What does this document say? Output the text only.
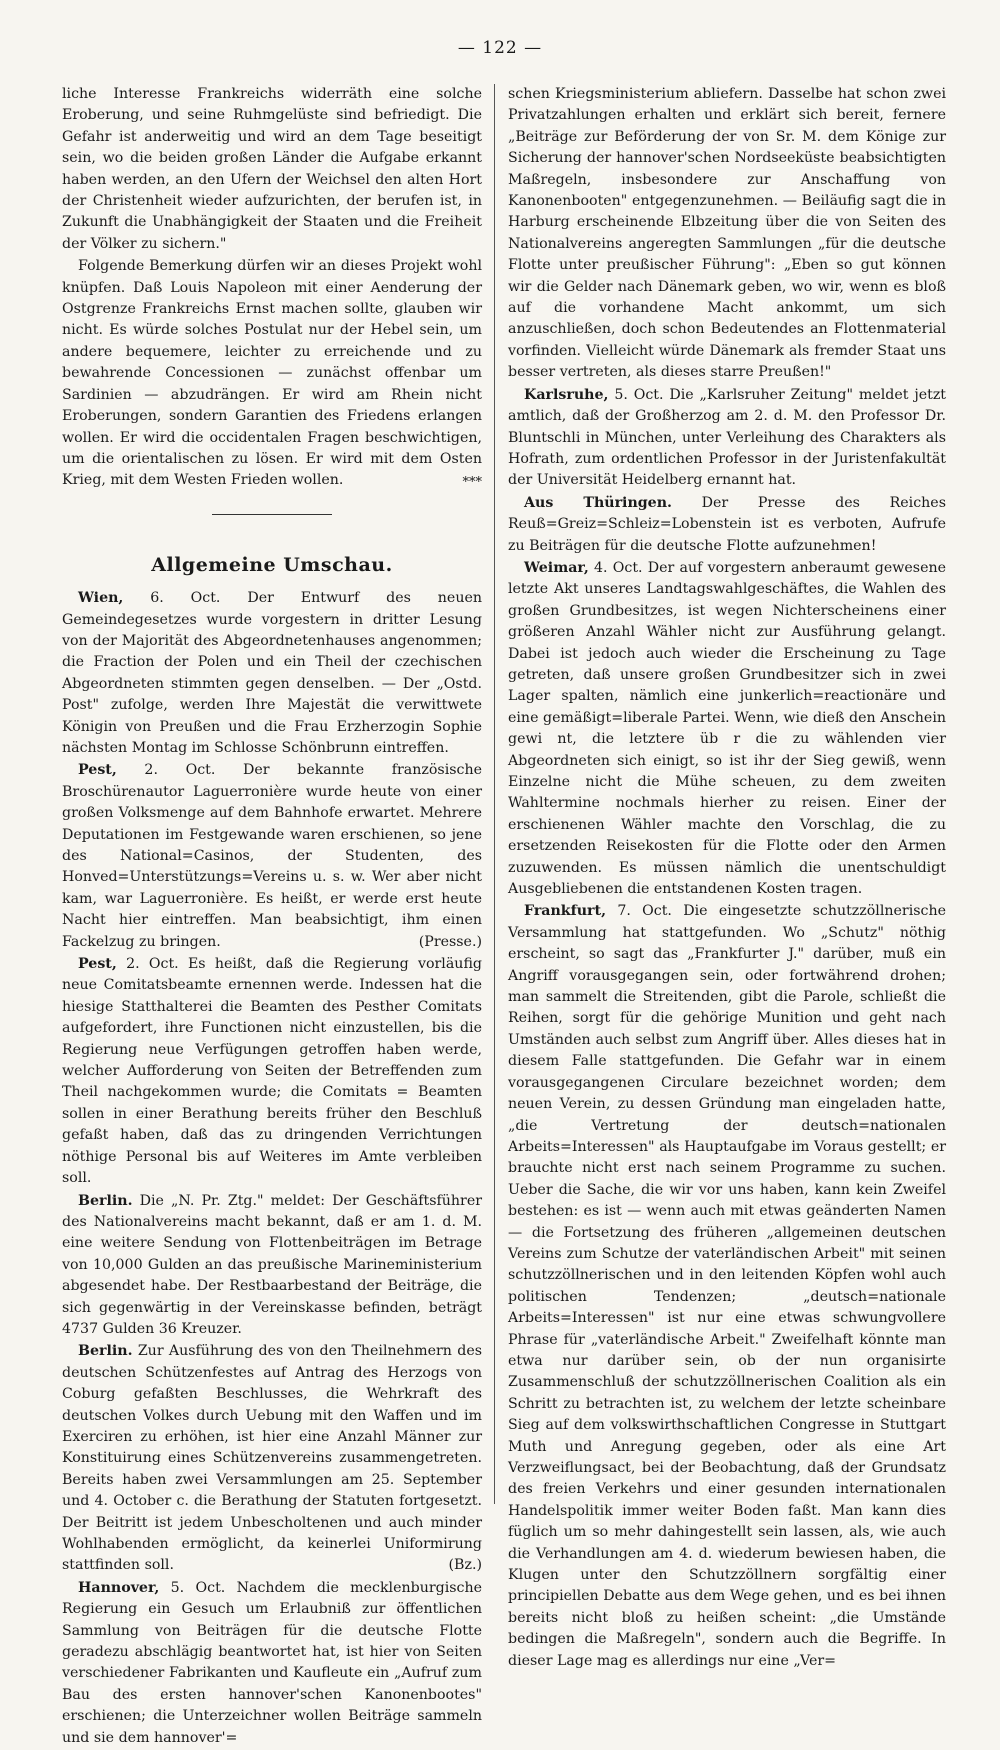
— 122 —

liche Interesse Frankreichs widerräth eine solche Eroberung, und seine Ruhmgelüste sind befriedigt. Die Gefahr ist anderweitig und wird an dem Tage beseitigt sein, wo die beiden großen Länder die Aufgabe erkannt haben werden, an den Ufern der Weichsel den alten Hort der Christenheit wieder aufzurichten, der berufen ist, in Zukunft die Unabhängigkeit der Staaten und die Freiheit der Völker zu sichern."

Folgende Bemerkung dürfen wir an dieses Projekt wohl knüpfen. Daß Louis Napoleon mit einer Aenderung der Ostgrenze Frankreichs Ernst machen sollte, glauben wir nicht. Es würde solches Postulat nur der Hebel sein, um andere bequemere, leichter zu erreichende und zu bewahrende Concessionen — zunächst offenbar um Sardinien — abzudrängen. Er wird am Rhein nicht Eroberungen, sondern Garantien des Friedens erlangen wollen. Er wird die occidentalen Fragen beschwichtigen, um die orientalischen zu lösen. Er wird mit dem Osten Krieg, mit dem Westen Frieden wollen.	***

Allgemeine Umschau.

Wien, 6. Oct. Der Entwurf des neuen Gemeindegesetzes wurde vorgestern in dritter Lesung von der Majorität des Abgeordnetenhauses angenommen; die Fraction der Polen und ein Theil der czechischen Abgeordneten stimmten gegen denselben. — Der „Ostd. Post" zufolge, werden Ihre Majestät die verwittwete Königin von Preußen und die Frau Erzherzogin Sophie nächsten Montag im Schlosse Schönbrunn eintreffen.

Pest, 2. Oct. Der bekannte französische Broschürenautor Laguerronière wurde heute von einer großen Volksmenge auf dem Bahnhofe erwartet. Mehrere Deputationen im Festgewande waren erschienen, so jene des National=Casinos, der Studenten, des Honved=Unterstützungs=Vereins u. s. w. Wer aber nicht kam, war Laguerronière. Es heißt, er werde erst heute Nacht hier eintreffen. Man beabsichtigt, ihm einen Fackelzug zu bringen.	(Presse.)

Pest, 2. Oct. Es heißt, daß die Regierung vorläufig neue Comitatsbeamte ernennen werde. Indessen hat die hiesige Statthalterei die Beamten des Pesther Comitats aufgefordert, ihre Functionen nicht einzustellen, bis die Regierung neue Verfügungen getroffen haben werde, welcher Aufforderung von Seiten der Betreffenden zum Theil nachgekommen wurde; die Comitats = Beamten sollen in einer Berathung bereits früher den Beschluß gefaßt haben, daß das zu dringenden Verrichtungen nöthige Personal bis auf Weiteres im Amte verbleiben soll.

Berlin. Die „N. Pr. Ztg." meldet: Der Geschäftsführer des Nationalvereins macht bekannt, daß er am 1. d. M. eine weitere Sendung von Flottenbeiträgen im Betrage von 10,000 Gulden an das preußische Marineministerium abgesendet habe. Der Restbaarbestand der Beiträge, die sich gegenwärtig in der Vereinskasse befinden, beträgt 4737 Gulden 36 Kreuzer.

Berlin. Zur Ausführung des von den Theilnehmern des deutschen Schützenfestes auf Antrag des Herzogs von Coburg gefaßten Beschlusses, die Wehrkraft des deutschen Volkes durch Uebung mit den Waffen und im Exerciren zu erhöhen, ist hier eine Anzahl Männer zur Konstituirung eines Schützenvereins zusammengetreten. Bereits haben zwei Versammlungen am 25. September und 4. October c. die Berathung der Statuten fortgesetzt. Der Beitritt ist jedem Unbescholtenen und auch minder Wohlhabenden ermöglicht, da keinerlei Uniformirung stattfinden soll.	(Bz.)

Hannover, 5. Oct. Nachdem die mecklenburgische Regierung ein Gesuch um Erlaubniß zur öffentlichen Sammlung von Beiträgen für die deutsche Flotte geradezu abschlägig beantwortet hat, ist hier von Seiten verschiedener Fabrikanten und Kaufleute ein „Aufruf zum Bau des ersten hannover'schen Kanonenbootes" erschienen; die Unterzeichner wollen Beiträge sammeln und sie dem hannover'=

schen Kriegsministerium abliefern. Dasselbe hat schon zwei Privatzahlungen erhalten und erklärt sich bereit, fernere „Beiträge zur Beförderung der von Sr. M. dem Könige zur Sicherung der hannover'schen Nordseeküste beabsichtigten Maßregeln, insbesondere zur Anschaffung von Kanonenbooten" entgegenzunehmen. — Beiläufig sagt die in Harburg erscheinende Elbzeitung über die von Seiten des Nationalvereins angeregten Sammlungen „für die deutsche Flotte unter preußischer Führung": „Eben so gut können wir die Gelder nach Dänemark geben, wo wir, wenn es bloß auf die vorhandene Macht ankommt, um sich anzuschließen, doch schon Bedeutendes an Flottenmaterial vorfinden. Vielleicht würde Dänemark als fremder Staat uns besser vertreten, als dieses starre Preußen!"

Karlsruhe, 5. Oct. Die „Karlsruher Zeitung" meldet jetzt amtlich, daß der Großherzog am 2. d. M. den Professor Dr. Bluntschli in München, unter Verleihung des Charakters als Hofrath, zum ordentlichen Professor in der Juristenfakultät der Universität Heidelberg ernannt hat.

Aus Thüringen. Der Presse des Reiches Reuß=Greiz=Schleiz=Lobenstein ist es verboten, Aufrufe zu Beiträgen für die deutsche Flotte aufzunehmen!

Weimar, 4. Oct. Der auf vorgestern anberaumt gewesene letzte Akt unseres Landtagswahlgeschäftes, die Wahlen des großen Grundbesitzes, ist wegen Nichterscheinens einer größeren Anzahl Wähler nicht zur Ausführung gelangt. Dabei ist jedoch auch wieder die Erscheinung zu Tage getreten, daß unsere großen Grundbesitzer sich in zwei Lager spalten, nämlich eine junkerlich=reactionäre und eine gemäßigt=liberale Partei. Wenn, wie dieß den Anschein gewi nt, die letztere üb r die zu wählenden vier Abgeordneten sich einigt, so ist ihr der Sieg gewiß, wenn Einzelne nicht die Mühe scheuen, zu dem zweiten Wahltermine nochmals hierher zu reisen. Einer der erschienenen Wähler machte den Vorschlag, die zu ersetzenden Reisekosten für die Flotte oder den Armen zuzuwenden. Es müssen nämlich die unentschuldigt Ausgebliebenen die entstandenen Kosten tragen.

Frankfurt, 7. Oct. Die eingesetzte schutzzöllnerische Versammlung hat stattgefunden. Wo „Schutz" nöthig erscheint, so sagt das „Frankfurter J." darüber, muß ein Angriff vorausgegangen sein, oder fortwährend drohen; man sammelt die Streitenden, gibt die Parole, schließt die Reihen, sorgt für die gehörige Munition und geht nach Umständen auch selbst zum Angriff über. Alles dieses hat in diesem Falle stattgefunden. Die Gefahr war in einem vorausgegangenen Circulare bezeichnet worden; dem neuen Verein, zu dessen Gründung man eingeladen hatte, „die Vertretung der deutsch=nationalen Arbeits=Interessen" als Hauptaufgabe im Voraus gestellt; er brauchte nicht erst nach seinem Programme zu suchen. Ueber die Sache, die wir vor uns haben, kann kein Zweifel bestehen: es ist — wenn auch mit etwas geänderten Namen — die Fortsetzung des früheren „allgemeinen deutschen Vereins zum Schutze der vaterländischen Arbeit" mit seinen schutzzöllnerischen und in den leitenden Köpfen wohl auch politischen Tendenzen; „deutsch=nationale Arbeits=Interessen" ist nur eine etwas schwungvollere Phrase für „vaterländische Arbeit." Zweifelhaft könnte man etwa nur darüber sein, ob der nun organisirte Zusammenschluß der schutzzöllnerischen Coalition als ein Schritt zu betrachten ist, zu welchem der letzte scheinbare Sieg auf dem volkswirthschaftlichen Congresse in Stuttgart Muth und Anregung gegeben, oder als eine Art Verzweiflungsact, bei der Beobachtung, daß der Grundsatz des freien Verkehrs und einer gesunden internationalen Handelspolitik immer weiter Boden faßt. Man kann dies füglich um so mehr dahingestellt sein lassen, als, wie auch die Verhandlungen am 4. d. wiederum bewiesen haben, die Klugen unter den Schutzzöllnern sorgfältig einer principiellen Debatte aus dem Wege gehen, und es bei ihnen bereits nicht bloß zu heißen scheint: „die Umstände bedingen die Maßregeln", sondern auch die Begriffe. In dieser Lage mag es allerdings nur eine „Ver=
